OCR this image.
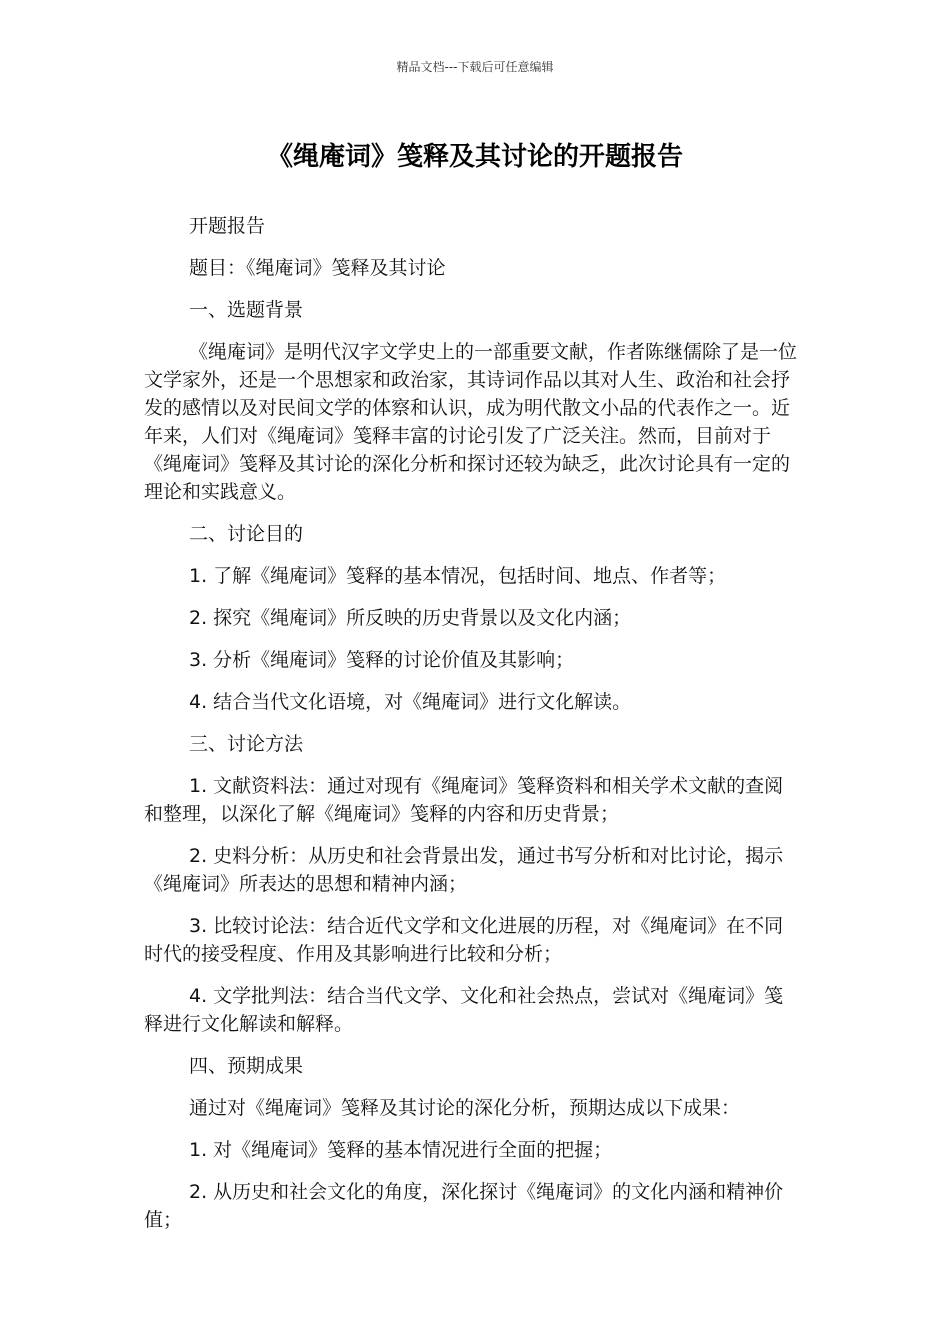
精品文档---下载后可任意编辑
《绳庵词》笺释及其讨论的开题报告

开题报告

题目：《绳庵词》笺释及其讨论

一、选题背景

《绳庵词》是明代汉字文学史上的一部重要文献，作者陈继儒除了是一位文学家外，还是一个思想家和政治家，其诗词作品以其对人生、政治和社会抒发的感情以及对民间文学的体察和认识，成为明代散文小品的代表作之一。近年来，人们对《绳庵词》笺释丰富的讨论引发了广泛关注。然而，目前对于《绳庵词》笺释及其讨论的深化分析和探讨还较为缺乏，此次讨论具有一定的理论和实践意义。

二、讨论目的

1. 了解《绳庵词》笺释的基本情况，包括时间、地点、作者等；

2. 探究《绳庵词》所反映的历史背景以及文化内涵；

3. 分析《绳庵词》笺释的讨论价值及其影响；

4. 结合当代文化语境，对《绳庵词》进行文化解读。

三、讨论方法

1. 文献资料法：通过对现有《绳庵词》笺释资料和相关学术文献的查阅和整理，以深化了解《绳庵词》笺释的内容和历史背景；

2. 史料分析：从历史和社会背景出发，通过书写分析和对比讨论，揭示《绳庵词》所表达的思想和精神内涵；

3. 比较讨论法：结合近代文学和文化进展的历程，对《绳庵词》在不同时代的接受程度、作用及其影响进行比较和分析；

4. 文学批判法：结合当代文学、文化和社会热点，尝试对《绳庵词》笺释进行文化解读和解释。

四、预期成果

通过对《绳庵词》笺释及其讨论的深化分析，预期达成以下成果：

1. 对《绳庵词》笺释的基本情况进行全面的把握；

2. 从历史和社会文化的角度，深化探讨《绳庵词》的文化内涵和精神价值；
